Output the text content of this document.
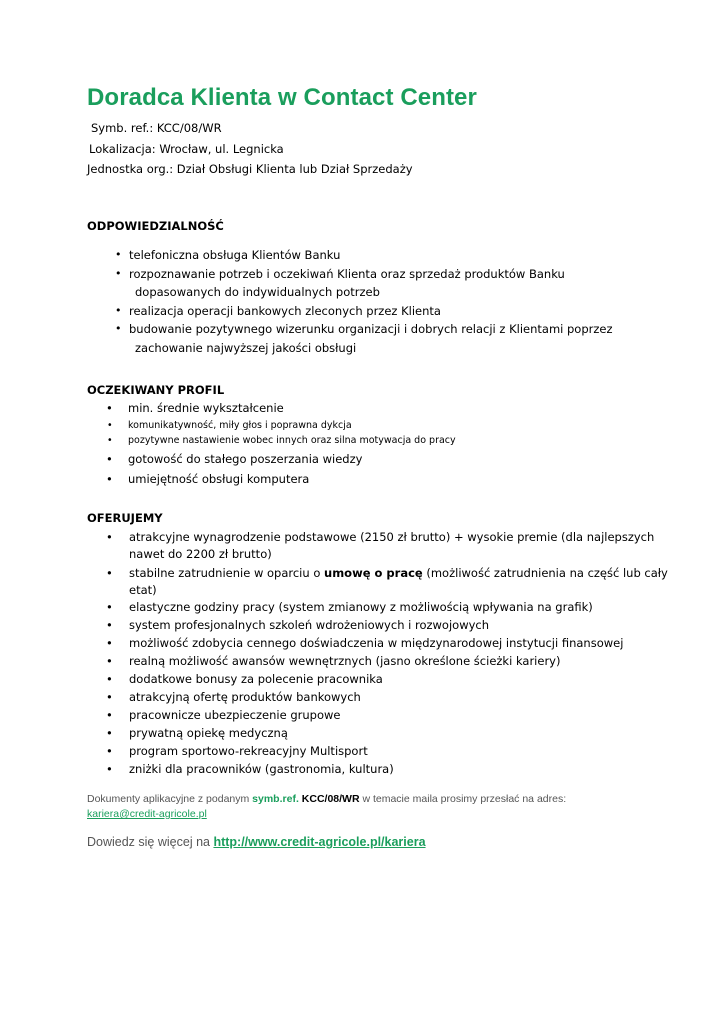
Doradca Klienta w Contact Center
Symb. ref.: KCC/08/WR
Lokalizacja: Wrocław, ul. Legnicka
Jednostka org.: Dział Obsługi Klienta lub Dział Sprzedaży
ODPOWIEDZIALNOŚĆ
• telefoniczna obsługa Klientów Banku
• rozpoznawanie potrzeb i oczekiwań Klienta oraz sprzedaż produktów Banku
dopasowanych do indywidualnych potrzeb
• realizacja operacji bankowych zleconych przez Klienta
• budowanie pozytywnego wizerunku organizacji i dobrych relacji z Klientami poprzez
zachowanie najwyższej jakości obsługi
OCZEKIWANY PROFIL
• min. średnie wykształcenie
• komunikatywność, miły głos i poprawna dykcja
• pozytywne nastawienie wobec innych oraz silna motywacja do pracy
• gotowość do stałego poszerzania wiedzy
• umiejętność obsługi komputera
OFERUJEMY
• atrakcyjne wynagrodzenie podstawowe (2150 zł brutto) + wysokie premie (dla najlepszych
nawet do 2200 zł brutto)
• stabilne zatrudnienie w oparciu o umowę o pracę (możliwość zatrudnienia na część lub cały
etat)
• elastyczne godziny pracy (system zmianowy z możliwością wpływania na grafik)
• system profesjonalnych szkoleń wdrożeniowych i rozwojowych
• możliwość zdobycia cennego doświadczenia w międzynarodowej instytucji finansowej
• realną możliwość awansów wewnętrznych (jasno określone ścieżki kariery)
• dodatkowe bonusy za polecenie pracownika
• atrakcyjną ofertę produktów bankowych
• pracownicze ubezpieczenie grupowe
• prywatną opiekę medyczną
• program sportowo-rekreacyjny Multisport
• zniżki dla pracowników (gastronomia, kultura)
Dokumenty aplikacyjne z podanym symb.ref. KCC/08/WR w temacie maila prosimy przesłać na adres:
kariera@credit-agricole.pl
Dowiedz się więcej na http://www.credit-agricole.pl/kariera
